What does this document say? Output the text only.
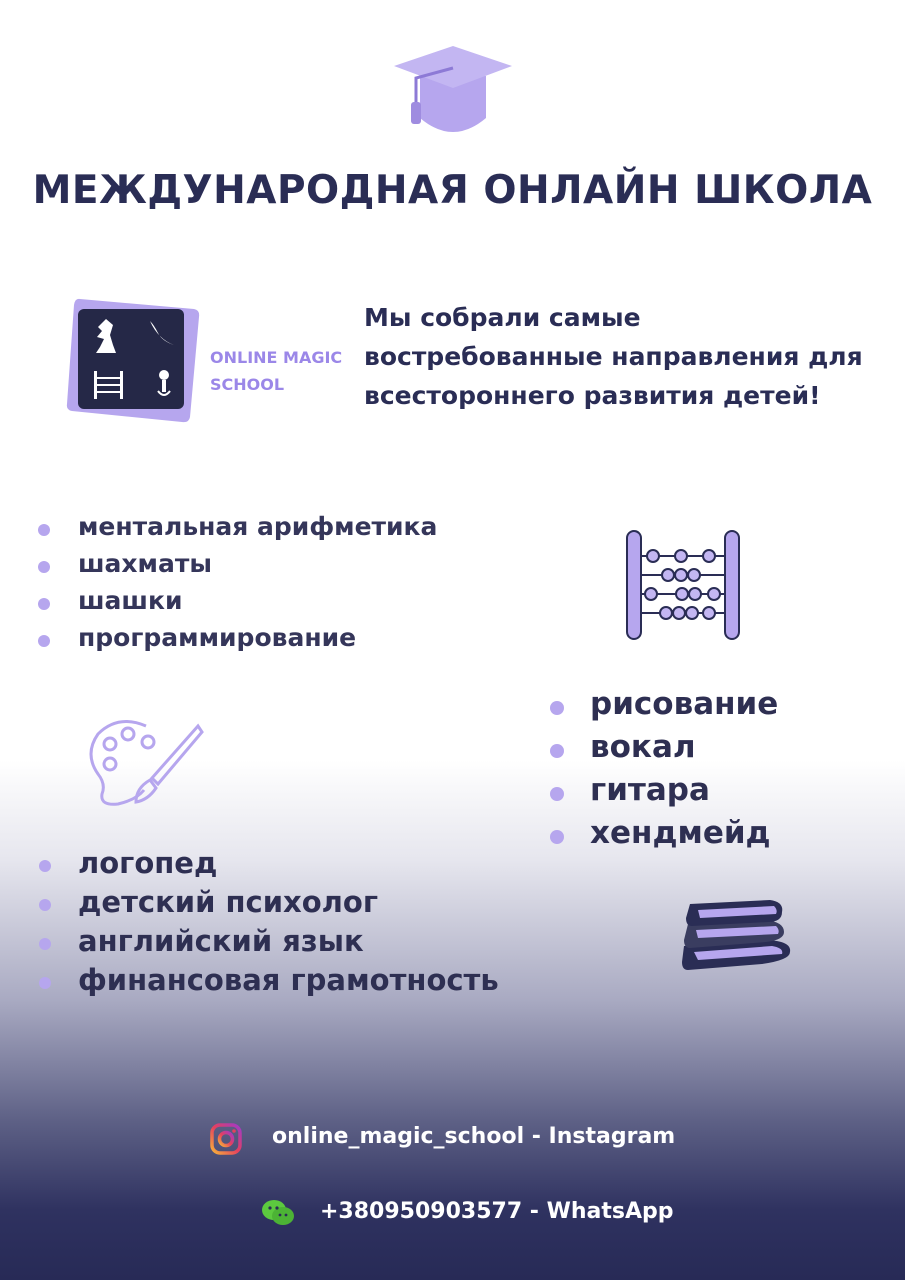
МЕЖДУНАРОДНАЯ ОНЛАЙН ШКОЛА
ONLINE MAGIC
SCHOOL
Мы собрали самые
востребованные направления для
всестороннего развития детей!
ментальная арифметика
шахматы
шашки
программирование
рисование
вокал
гитара
хендмейд
логопед
детский психолог
английский язык
финансовая грамотность
online_magic_school - Instagram
+380950903577 - WhatsApp
